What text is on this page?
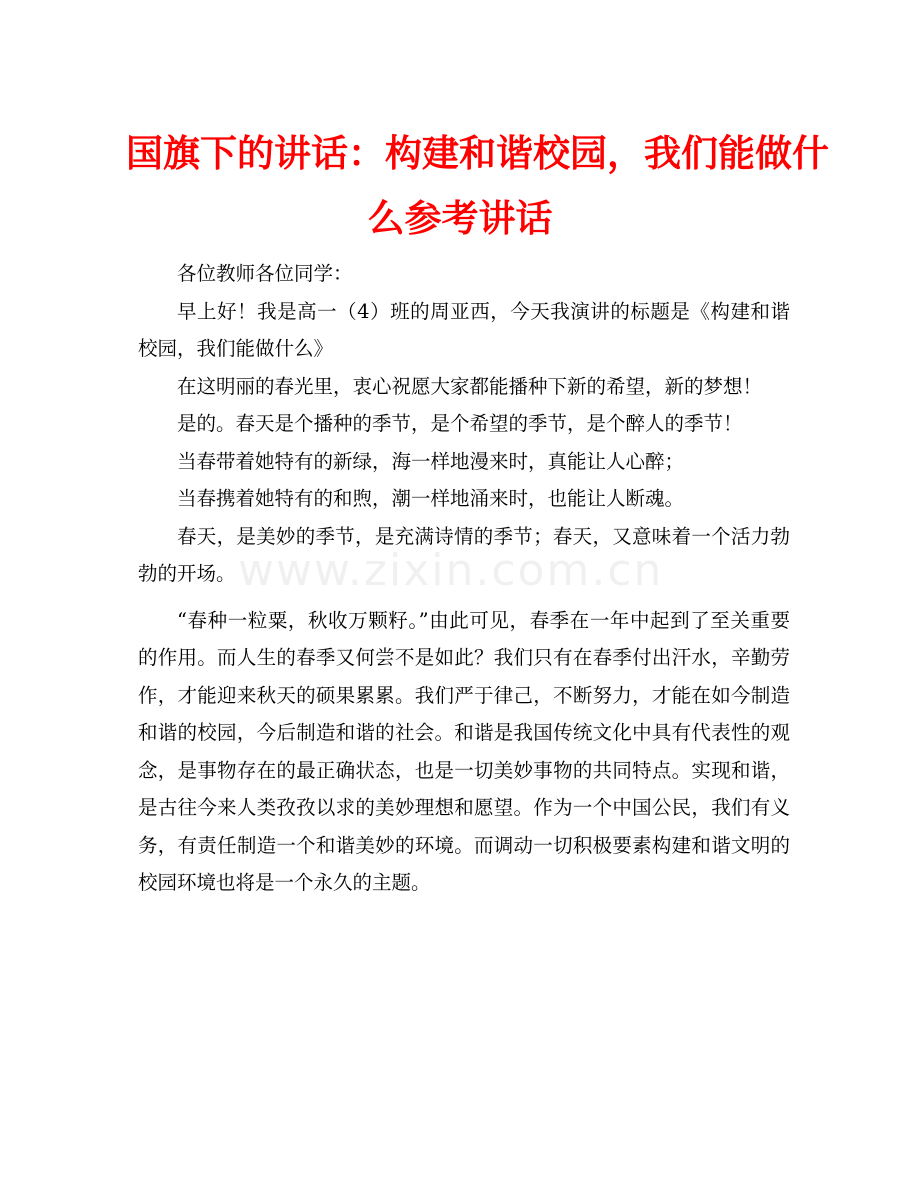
国旗下的讲话：构建和谐校园，我们能做什
么参考讲话

各位教师各位同学：

早上好！我是高一（4）班的周亚西，今天我演讲的标题是《构建和谐校园，我们能做什么》

在这明丽的春光里，衷心祝愿大家都能播种下新的希望，新的梦想！

是的。春天是个播种的季节，是个希望的季节，是个醉人的季节！

当春带着她特有的新绿，海一样地漫来时，真能让人心醉；

当春携着她特有的和煦，潮一样地涌来时，也能让人断魂。

春天，是美妙的季节，是充满诗情的季节；春天，又意味着一个活力勃勃的开场。

“春种一粒粟，秋收万颗籽。”由此可见，春季在一年中起到了至关重要的作用。而人生的春季又何尝不是如此？我们只有在春季付出汗水，辛勤劳作，才能迎来秋天的硕果累累。我们严于律己，不断努力，才能在如今制造和谐的校园，今后制造和谐的社会。和谐是我国传统文化中具有代表性的观念，是事物存在的最正确状态，也是一切美妙事物的共同特点。实现和谐，是古往今来人类孜孜以求的美妙理想和愿望。作为一个中国公民，我们有义务，有责任制造一个和谐美妙的环境。而调动一切积极要素构建和谐文明的校园环境也将是一个永久的主题。

www.zixin.com.cn
